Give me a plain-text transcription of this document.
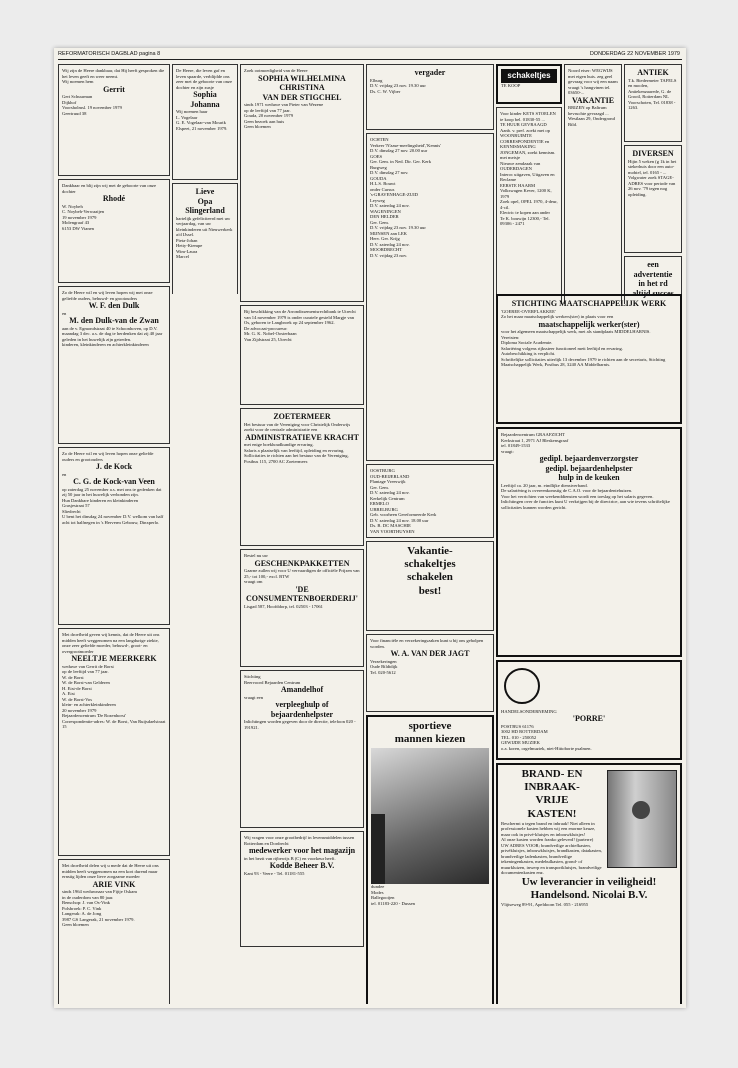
REFORMATORISCH DAGBLAD pagina 8	DONDERDAG 22 NOVEMBER 1979
Wij zijn de Heere dankbaar, dat Hij heeft gesproken die het leven geeft en weer neemt.
Wij noemen hem
Gerrit
Gert Schuurman
Dijkhof
Voorsholmsl. 19 november 1979
Geertruud 38
Dankbaar en blij zijn wij met de geboorte van onze dochter
Rhodé
W. Noybeh
C. Noybeh-Verwaaijen
19 november 1979
Molengraaf 43
6153 DW Vianen
Zo de Heere wil en wij leven hopen wij met onze geliefde ouders, behuwd- en grootouders
W. F. den Dulk
en
M. den Dulk-van de Zwan
aan de v. Egmondstraat 40 te Schoonhoven, op D.V. maandag 3 dec. a.s. de dag te herdenken dat zij 40 jaar geleden in het huwelijk zijn getreden.
kinderen, kleinkinderen en achterkleinkinderen
Zo de Heere wil en wij leven hopen onze geliefde ouders en grootouders
J. de Kock
en
C. G. de Kock-van Veen
op zaterdag 25 november a.s. met ons te gedenken dat zij 50 jaar in het huwelijk verbonden zijn.
Hun Dankbare kinderen en kleinkinderen
Grasjestraat 57
Sliedrecht
U bent het dinsdag 24 november D.V. welkom van half acht tot halfnegen in 's Herverm Gebouw, Dinxperlo.
Met droefheid geven wij kennis, dat de Heere uit ons midden heeft weggenomen na een langdurige ziekte, onze zeer geliefde moeder, behuwd-, groot- en overgrootmoeder
NEELTJE MEERKERK
weduwe van Gerrit de Borst
op de leeftijd van 77 jaar.
W. de Borst
W. de Borst-van Gelderen
H. Eist-de Borst
A. Eist
W. de Borst-Vos
klein- en achterkleinkinderen
20 november 1979
Bejaardencentrum 'De Rozenhorst'
Correspondentie-adres: W. de Borst, Van Ruijsdaelstraat 15
Met droefheid delen wij u mede dat de Heere uit ons midden heeft weggenomen na een kort durend maar ernstig lijden onze lieve zorgzame moeder
ARIE VINK
sinds 1964 weduwnaar van Fijtje Oskam
in de ouderdom van 80 jaar.
Benschop: J. van Os-Vink
Polsbroek: P. C. Vink
Langerak: A. de Jong
3987 GS Langerak, 21 november 1979.
Geen bloemen
De Heere, die leven gaf en leven spaarde, verblijdde ons zeer met de geboorte van onze dochter en zijn zusje
Sophia
Johanna
Wij noemen haar
L. Vogelaar
G. E. Vogelaar-van Mourik
Elspeet, 21 november 1979.
Lieve
Opa
Slingerland
hartelijk gefeliciteerd met uw verjaardag, van uw kleinkinderen uit Nieuwerkerk a/d IJssel.
Pieta-Johan
Hetty-Kiempe
Wim-Laura
Marcel
Zoek ootmoedigheid van de Heere
SOPHIA WILHELMINA
CHRISTINA
VAN DER STIGCHEL
sinds 1971 weduwe van Pieter van Wezene
op de leeftijd van 77 jaar.
Gouda, 20 november 1979
Geen bezoek aan huis
Geen bloemen
Bij beschikking van de Arrondissementsrechtbank te Utrecht van 14 november 1979 is onder curatele gesteld Margje van Os, geboren te Langbroek op 24 september 1962.
De advocaat-procureur:
Mr. G. K. Nobel-Oosterbaan
Van Zijdstraat 25, Utrecht
ZOETERMEER
Het bestuur van de Vereniging voor Christelijk Onderwijs zoekt voor de centrale administratie een
ADMINISTRATIEVE KRACHT
met enige boekhoudkundige ervaring.
Salaris a plaatselijk van leeftijd, opleiding en ervaring.
Sollicitaties te richten aan het bestuur van de Vereniging, Postbus 115, 2700 AC Zoetermeer.
Bestel nu uw
GESCHENKPAKKETTEN
Gaarne zullen wij voor U vervaardigen de officiële Prijzen van 25,- tot 100,- excl. BTW
vraagt om
'DE CONSUMENTENBOERDERIJ'
Lisgad 587, Hoofddorp, tel. 02503 - 17061
Stichting
Beervoord Bejaarden Centrum
Amandelhof
vraagt een
verpleeghulp of
bejaardenhelpster
Inlichtingen worden gegeven door de directie, telefoon 020 - 191921.
Wij vragen voor onze grootbedrijf in levensmiddelen tussen Rotterdam en Dordrecht
medewerker voor het magazijn
in het bezit van rijbewijs B (C) en voorkeur heeft.
Kodde Beheer B.V.
Kant 93 - Veere - Tel. 01181-555
vergader
Elburg
D.V. vrijdag 23 nov. 19.30 uur
Ds. C. W. Vijber
OCHTEN
Verkeer 'N'aase-meelingsheid','Kennis'
D.V. dinsdag 27 nov. 20.00 uur
GOES
Ger. Gem. in Ned. Dir. Ger. Kerk
Burgweg
D.V. dinsdag 27 nov.
GOUDA
H.L.S. Bouwt
onder Cursus
's-GRAVENHAGE-ZUID
Leyweg
D.V. zaterdag 24 nov.
WAGENINGEN
DEN HELDER
Ger. Gem.
D.V. vrijdag 23 nov. 19.30 uur
MIJNSEN aan LEK
Herv. Ger. Krijg
D.V. zaterdag 24 nov.
MOORDRECHT
D.V. vrijdag 23 nov.
OOSTBURG
OUD-BEIJERLAND
Plantage Vreeswijk
Ger. Gem.
D.V. zaterdag 24 nov.
Kerkelijk Centrum
ERMELO
UBBELBURG
Geb. voorheen Gereformeerde Kerk
D.V. zaterdag 24 nov. 18.00 uur
Ds. B. DC MASCHIE
VAN VOORTHUYSEN
Vakantie-
schakeltjes
schakelen
best!
Voor financiële en verzekeringszaken kunt u bij ons geholpen worden.
W. A. VAN DER JAGT
Verzekeringen
Oude Bildtdijk
Tel. 020-5612
sportieve
mannen kiezen
dundee
Modes
Ballegooijen
tel. 01183-220 - Dussen
schakeltjes
TE KOOP
Voor kinder KETS STOELEN te koop bel. 01830-55 ...
TE HUUR GEVRAAGD
Aanb. v. pref. zoekt met op WOONRUIMTE
CORRESPONDENTIE en KENNISMAKING
JONGEMAN, zoekt kennism. met meisje
Nieuwe zendzaak van OUDERDAGEN
Interoc uitgaven, Uitgaven en Reclame
EERSTE HAARM
Volkswagen Kever, 1200 K, 1979
Zoek opel, OPEL 1970, 4-deur, 4-cil.
Electric te kopen aan ander
Te K. bouwijn 12300,- Tel. 09306 - 2471
Noord eiser: WEGWIJS met eigen huis. zeg geel gevraag voor wij een naam vraagt 's hangvinen tel. 03650-...
VAKANTIE
BRIZEN op Baltrum bevruchte gevraagd ... Westlaan 29, Ondergrond Bild.
ANTIEK
T.k. Biedermeier TAFELS en moolen, Antiekenzaarede, G. de Grootl, Rotterdam NL Voorschoten, Tel. 01838 - 1263.
DIVERSEN
Hijin 5 weken (g 1k in het stekerhuis door een auto-mobiel, tel. 0165 - ...
Volgwater zoek STAGE-ADRES voor periode van 26 nov. '79 tegen nog opleiding.
een advertentie
in het rd
altijd succes
STICHTING MAATSCHAPPELIJK WERK
'GOEREE-OVERFLAKKEE'
Zo het maar maatschappelijk werkers(ster) in plaats voor een
maatschappelijk werker(ster)
voor het algemeen maatschappelijk werk, met als standplaats MIDDELHARNIS.
Vereisten:
Diploma Sociale Academie.
Salariëring volgens rijkssteer functioneel mett leeftijd en ervaring.
Autobeschikking is verplicht.
Schriftelijke sollicitaties uiterlijk 13 december 1979 te richten aan de secretaris, Stichting Maatschappelijk Werk, Postbus 28, 3240 AA Middelharnis.
Bejaardencentrum GRAAFZICHT
Kerkstraat 1, 2971 AJ Bleskensgraaf
tel. 01849-1533
vraagt:
gedipl. bejaardenverzorgster
gedipl. bejaardenhelpster
hulp in de keuken
Leeftijd ca. 20 jaar, m. eindlijke dienstverband.
De salariëring is overeenkomstig de C.A.O. voor de bejaardentehuizen.
Voor het verrichten van weekenddiensten wordt een toeslag op het salaris gegeven.
Inlichtingen over de functies kunt U verkrijgen bij de directrice, aan wie tevens schriftelijke sollicitaties kunnen worden gericht.
HANDELSONDERNEMING
'PORRE'
POSTBUS 61176
3002 HD ROTTERDAM
TEL. 010 - 250052
GEWIJDE MUZIEK
o.a. koren, orgelmuziek, niet-Hittoborte psalmen.
BRAND- EN
INBRAAK-
VRIJE
KASTEN!
Beschermt u tegen brand en inbraak! Niet alleen in professionele kasten hebben wij een enorme keuze, maar ook in privé-kluisjes en inbouwkluisjes!
Al onze kasten worden franko geleverd! (parterre)
UW ADRES VOOR; brandveilige archiefkasten, privékluisjes, inbouwkluisjes, brandkasten, datakasten, brandveilige ladenkasten, brandveilige tekeningenkasten, medebulkasten, grond- of muurkluizen, inwerp en transportkluisjes, brandveilige documentenkasten enz.
Uw leverancier in veiligheid!
Handelsond. Nicolai B.V.
Vlijtseweg 89-91, Apeldoorn Tel. 055 - 216955
